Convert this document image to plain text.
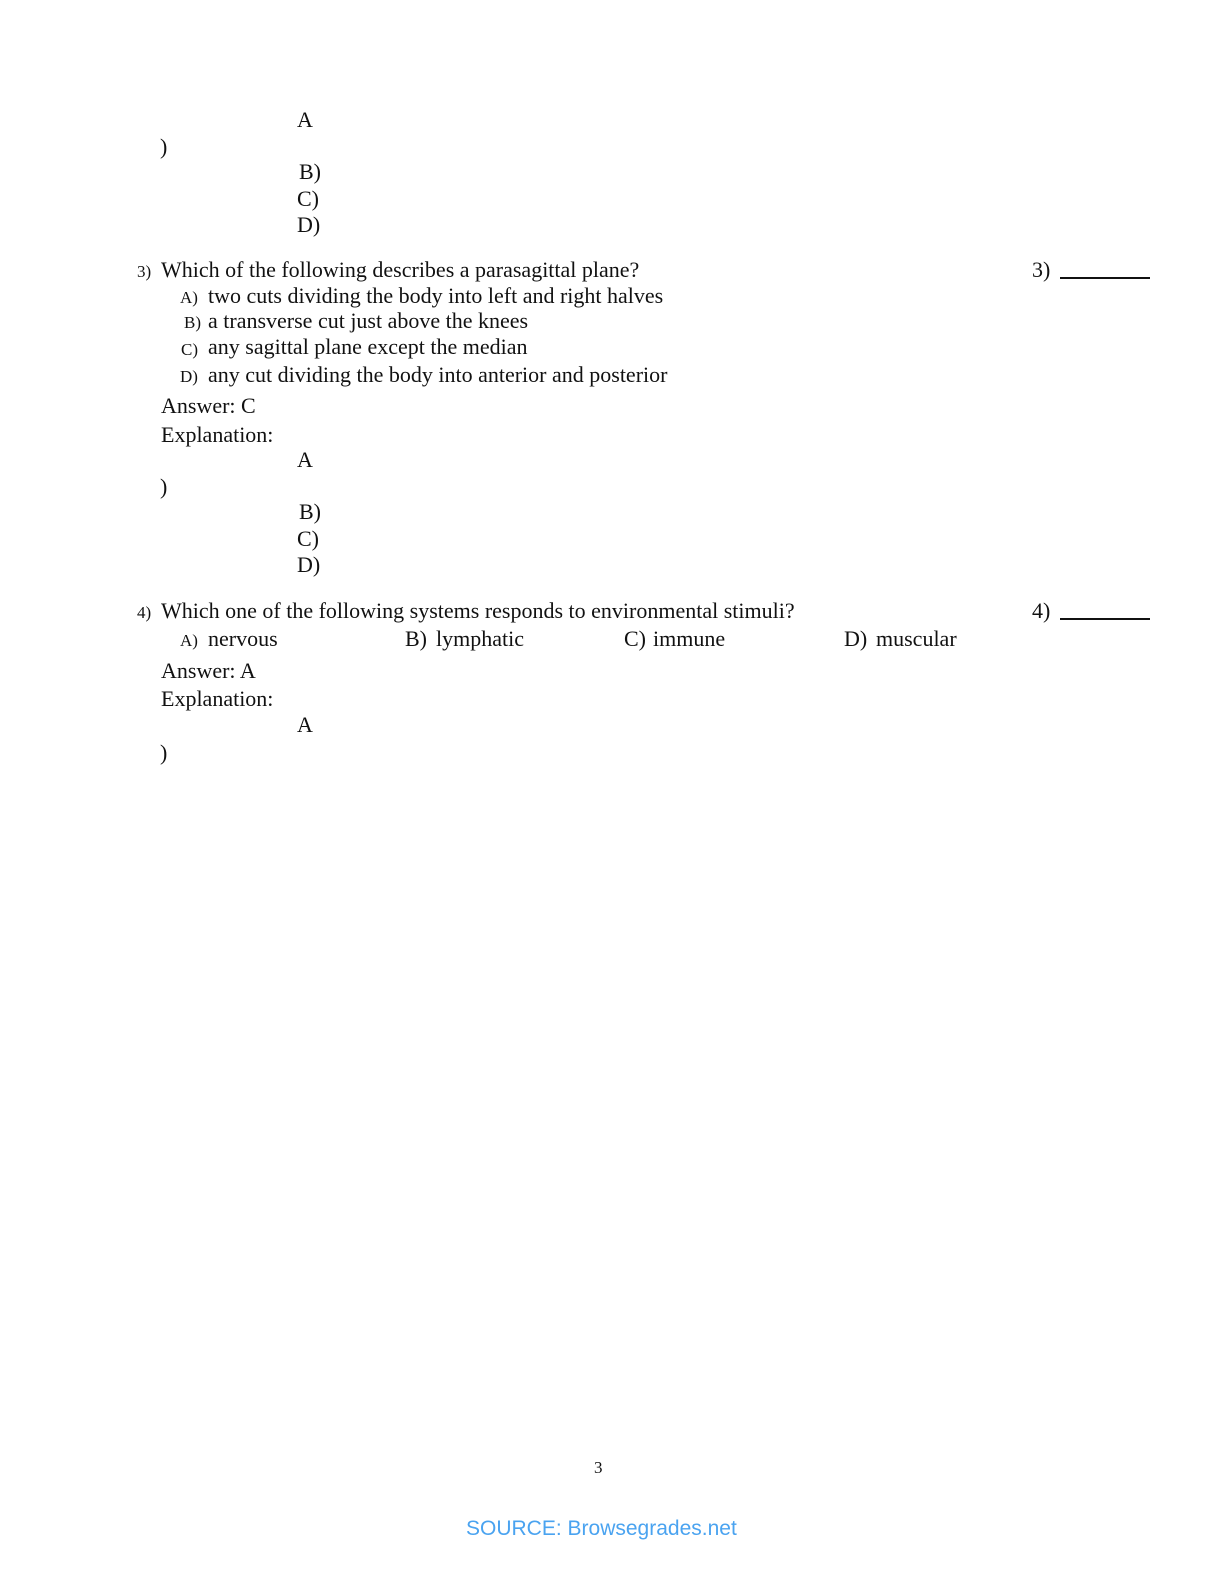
A
)
B)
C)
D)
3) Which of the following describes a parasagittal plane?	3)
A) two cuts dividing the body into left and right halves
B) a transverse cut just above the knees
C) any sagittal plane except the median
D) any cut dividing the body into anterior and posterior
Answer: C
Explanation:
A
)
B)
C)
D)
4) Which one of the following systems responds to environmental stimuli?	4)
A) nervous	B) lymphatic	C) immune	D) muscular
Answer: A
Explanation:
A
)
3
SOURCE: Browsegrades.net
